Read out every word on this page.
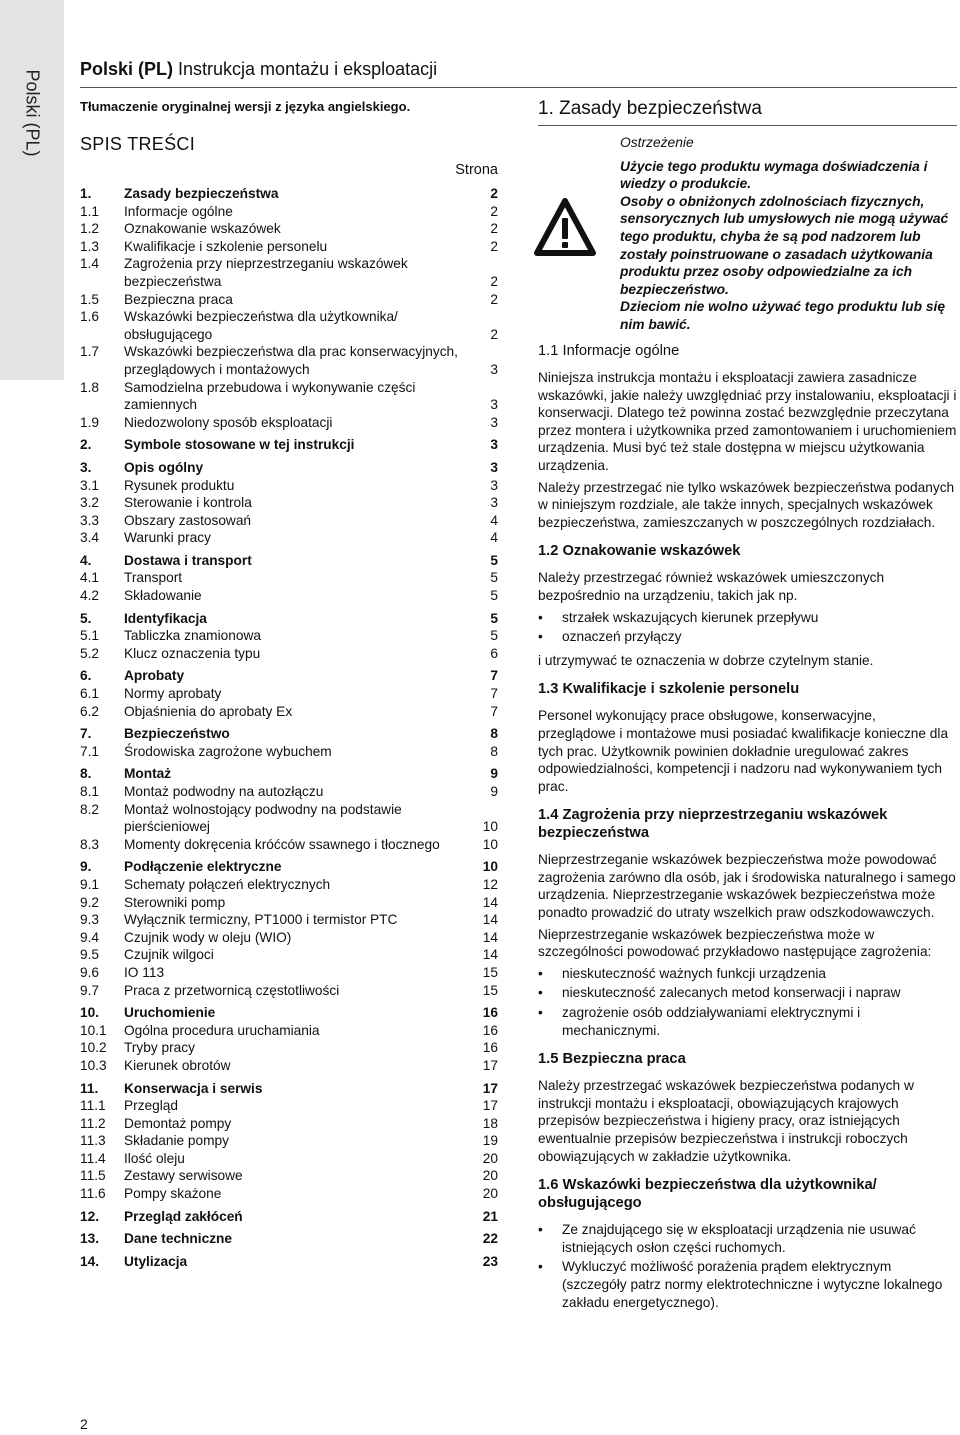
Polski (PL)
Polski (PL) Instrukcja montażu i eksploatacji
Tłumaczenie oryginalnej wersji z języka angielskiego.
SPIS TREŚCI
Strona
1.	Zasady bezpieczeństwa	2
1.1	Informacje ogólne	2
1.2	Oznakowanie wskazówek	2
1.3	Kwalifikacje i szkolenie personelu	2
1.4	Zagrożenia przy nieprzestrzeganiu wskazówek bezpieczeństwa	2
1.5	Bezpieczna praca	2
1.6	Wskazówki bezpieczeństwa dla użytkownika/ obsługującego	2
1.7	Wskazówki bezpieczeństwa dla prac konserwacyjnych, przeglądowych i montażowych	3
1.8	Samodzielna przebudowa i wykonywanie części zamiennych	3
1.9	Niedozwolony sposób eksploatacji	3
2.	Symbole stosowane w tej instrukcji	3
3.	Opis ogólny	3
3.1	Rysunek produktu	3
3.2	Sterowanie i kontrola	3
3.3	Obszary zastosowań	4
3.4	Warunki pracy	4
4.	Dostawa i transport	5
4.1	Transport	5
4.2	Składowanie	5
5.	Identyfikacja	5
5.1	Tabliczka znamionowa	5
5.2	Klucz oznaczenia typu	6
6.	Aprobaty	7
6.1	Normy aprobaty	7
6.2	Objaśnienia do aprobaty Ex	7
7.	Bezpieczeństwo	8
7.1	Środowiska zagrożone wybuchem	8
8.	Montaż	9
8.1	Montaż podwodny na autozłączu	9
8.2	Montaż wolnostojący podwodny na podstawie pierścieniowej	10
8.3	Momenty dokręcenia króćców ssawnego i tłocznego	10
9.	Podłączenie elektryczne	10
9.1	Schematy połączeń elektrycznych	12
9.2	Sterowniki pomp	14
9.3	Wyłącznik termiczny, PT1000 i termistor PTC	14
9.4	Czujnik wody w oleju (WIO)	14
9.5	Czujnik wilgoci	14
9.6	IO 113	15
9.7	Praca z przetwornicą częstotliwości	15
10.	Uruchomienie	16
10.1	Ogólna procedura uruchamiania	16
10.2	Tryby pracy	16
10.3	Kierunek obrotów	17
11.	Konserwacja i serwis	17
11.1	Przegląd	17
11.2	Demontaż pompy	18
11.3	Składanie pompy	19
11.4	Ilość oleju	20
11.5	Zestawy serwisowe	20
11.6	Pompy skażone	20
12.	Przegląd zakłóceń	21
13.	Dane techniczne	22
14.	Utylizacja	23
1. Zasady bezpieczeństwa
Ostrzeżenie

Użycie tego produktu wymaga doświadczenia i wiedzy o produkcie.

Osoby o obniżonych zdolnościach fizycznych, sensorycznych lub umysłowych nie mogą używać tego produktu, chyba że są pod nadzorem lub zostały poinstruowane o zasadach użytkowania produktu przez osoby odpowiedzialne za ich bezpieczeństwo.

Dzieciom nie wolno używać tego produktu lub się nim bawić.

1.1 Informacje ogólne

Niniejsza instrukcja montażu i eksploatacji zawiera zasadnicze wskazówki, jakie należy uwzględniać przy instalowaniu, eksploatacji i konserwacji. Dlatego też powinna zostać bezwzględnie przeczytana przez montera i użytkownika przed zamontowaniem i uruchomieniem urządzenia. Musi być też stale dostępna w miejscu użytkowania urządzenia.

Należy przestrzegać nie tylko wskazówek bezpieczeństwa podanych w niniejszym rozdziale, ale także innych, specjalnych wskazówek bezpieczeństwa, zamieszczanych w poszczególnych rozdziałach.

1.2 Oznakowanie wskazówek

Należy przestrzegać również wskazówek umieszczonych bezpośrednio na urządzeniu, takich jak np.

• strzałek wskazujących kierunek przepływu
• oznaczeń przyłączy

i utrzymywać te oznaczenia w dobrze czytelnym stanie.

1.3 Kwalifikacje i szkolenie personelu

Personel wykonujący prace obsługowe, konserwacyjne, przeglądowe i montażowe musi posiadać kwalifikacje konieczne dla tych prac. Użytkownik powinien dokładnie uregulować zakres odpowiedzialności, kompetencji i nadzoru nad wykonywaniem tych prac.

1.4 Zagrożenia przy nieprzestrzeganiu wskazówek bezpieczeństwa

Nieprzestrzeganie wskazówek bezpieczeństwa może powodować zagrożenia zarówno dla osób, jak i środowiska naturalnego i samego urządzenia. Nieprzestrzeganie wskazówek bezpieczeństwa może ponadto prowadzić do utraty wszelkich praw odszkodowawczych.

Nieprzestrzeganie wskazówek bezpieczeństwa może w szczególności powodować przykładowo następujące zagrożenia:

• nieskuteczność ważnych funkcji urządzenia
• nieskuteczność zalecanych metod konserwacji i napraw
• zagrożenie osób oddziaływaniami elektrycznymi i mechanicznymi.
1.5 Bezpieczna praca

Należy przestrzegać wskazówek bezpieczeństwa podanych w instrukcji montażu i eksploatacji, obowiązujących krajowych przepisów bezpieczeństwa i higieny pracy, oraz istniejących ewentualnie przepisów bezpieczeństwa i instrukcji roboczych obowiązujących w zakładzie użytkownika.

1.6 Wskazówki bezpieczeństwa dla użytkownika/ obsługującego
• Ze znajdującego się w eksploatacji urządzenia nie usuwać istniejących osłon części ruchomych.
• Wykluczyć możliwość porażenia prądem elektrycznym (szczegóły patrz normy elektrotechniczne i wytyczne lokalnego zakładu energetycznego).
2
